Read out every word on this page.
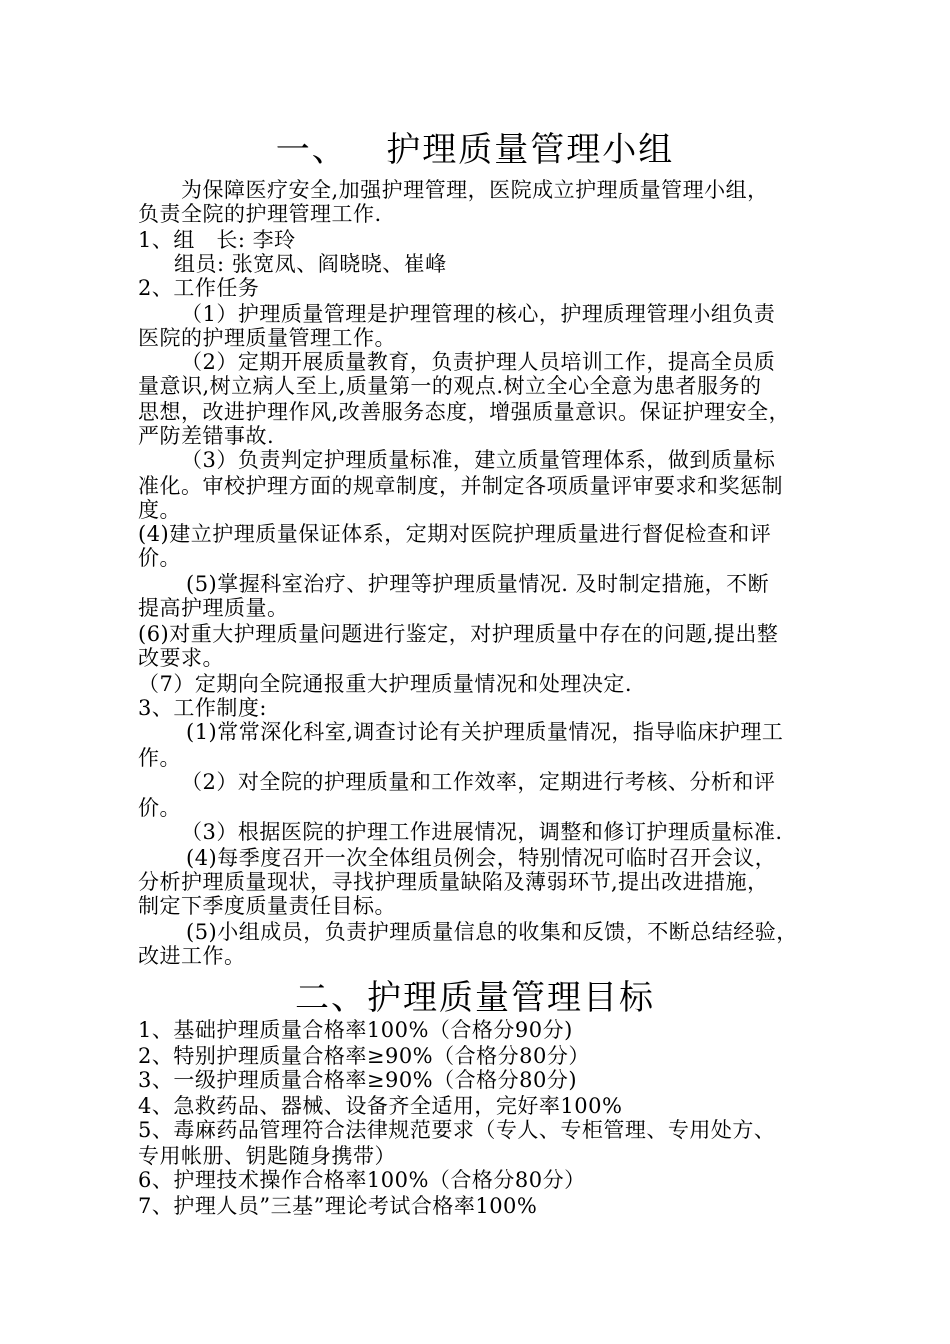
一、   护理质量管理小组
为保障医疗安全,加强护理管理，医院成立护理质量管理小组，
负责全院的护理管理工作.
1、组   长: 李玲
组员: 张宽凤、阎晓晓、崔峰
2、工作任务
（1）护理质量管理是护理管理的核心，护理质理管理小组负责
医院的护理质量管理工作。
（2）定期开展质量教育，负责护理人员培训工作，提高全员质
量意识,树立病人至上,质量第一的观点.树立全心全意为患者服务的
思想，改进护理作风,改善服务态度，增强质量意识。保证护理安全，
严防差错事故.
（3）负责判定护理质量标准，建立质量管理体系，做到质量标
准化。审校护理方面的规章制度，并制定各项质量评审要求和奖惩制
度。
(4)建立护理质量保证体系，定期对医院护理质量进行督促检查和评
价。
(5)掌握科室治疗、护理等护理质量情况. 及时制定措施，不断
提高护理质量。
(6)对重大护理质量问题进行鉴定，对护理质量中存在的问题,提出整
改要求。
（7）定期向全院通报重大护理质量情况和处理决定.
3、工作制度:
(1)常常深化科室,调查讨论有关护理质量情况，指导临床护理工
作。
（2）对全院的护理质量和工作效率，定期进行考核、分析和评
价。
（3）根据医院的护理工作进展情况，调整和修订护理质量标准.
(4)每季度召开一次全体组员例会，特别情况可临时召开会议，
分析护理质量现状，寻找护理质量缺陷及薄弱环节,提出改进措施，
制定下季度质量责任目标。
(5)小组成员，负责护理质量信息的收集和反馈，不断总结经验，
改进工作。
二、护理质量管理目标
1、基础护理质量合格率100%（合格分90分)
2、特别护理质量合格率≥90%（合格分80分）
3、一级护理质量合格率≥90%（合格分80分)
4、急救药品、器械、设备齐全适用，完好率100%
5、毒麻药品管理符合法律规范要求（专人、专柜管理、专用处方、
专用帐册、钥匙随身携带）
6、护理技术操作合格率100%（合格分80分）
7、护理人员”三基”理论考试合格率100%
